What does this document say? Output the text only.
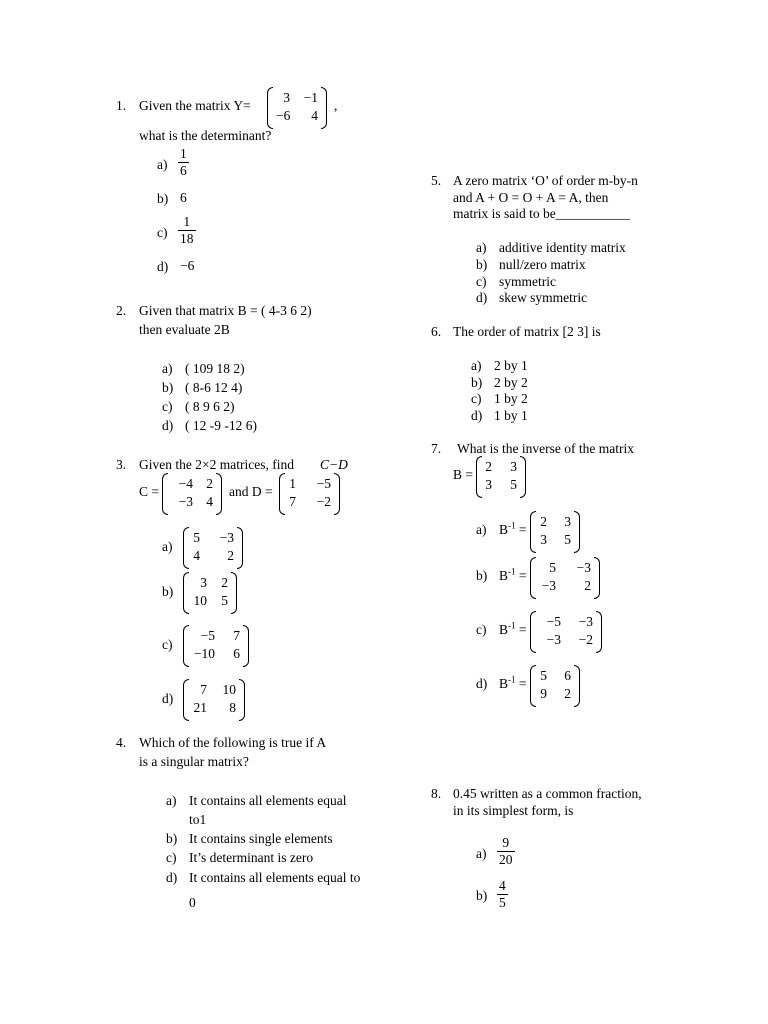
1. Given the matrix Y=
3	−1
−6	4
,
what is the determinant?
$a) \frac{1}{6}$
b) 6
$c) \frac{1}{18}$
d) −6
2. Given that matrix B = ( 4-3 6 2)
then evaluate 2B
a) ( 109 18 2)
b) ( 8-6 12 4)
c) ( 8 9 6 2)
d) ( 12 -9 -12 6)
3. Given the 2×2 matrices, find C−D
C =
−4 2
−3 4
and D =
1	−5
7	−2
a)
5	−3
4	2
b)
3	2
10	5
c)
−5	7
−10	6
d)
7	10
21	8
4. Which of the following is true if A
is a singular matrix?
a) It contains all elements equal
to1
b) It contains single elements
c) It’s determinant is zero
d) It contains all elements equal to
0
5. A zero matrix ‘O’ of order m-by-n
and A + O = O + A = A, then
matrix is said to be___________
a) additive identity matrix
b) null/zero matrix
c) symmetric
d) skew symmetric
6. The order of matrix [2 3] is
a) 2 by 1
b) 2 by 2
c) 1 by 2
d) 1 by 1
7. What is the inverse of the matrix
B =
2	3
3	5
a) $B^{-1}$ =
2	3
3	5
b) $B^{-1}$ =
5	−3
−3	2
c) $B^{-1}$ =
−5	−3
−3	−2
d) $B^{-1}$ =
5	6
9	2
8. 0.45 written as a common fraction,
in its simplest form, is
$a) \frac{9}{20}$
$b) \frac{4}{5}$
